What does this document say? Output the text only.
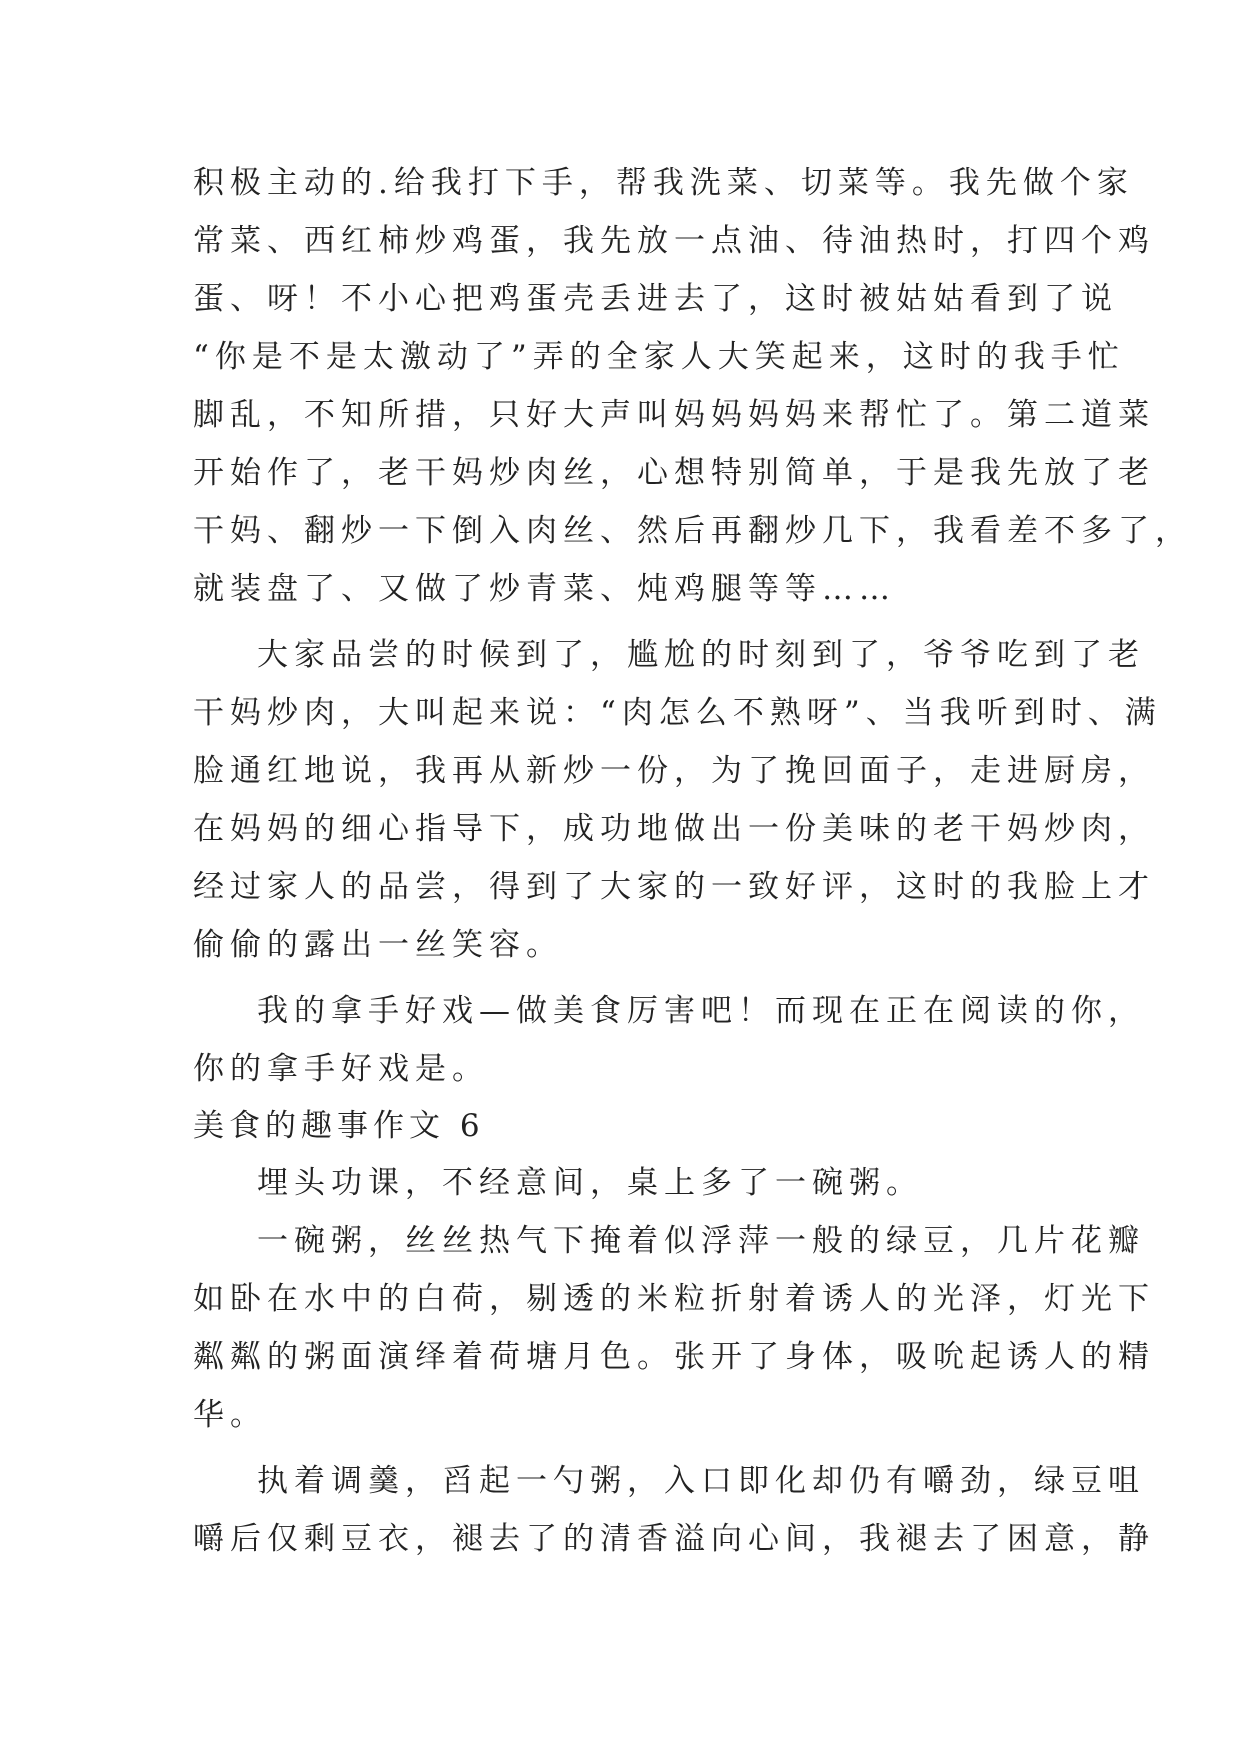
积极主动的.给我打下手，帮我洗菜、切菜等。我先做个家
常菜、西红柿炒鸡蛋，我先放一点油、待油热时，打四个鸡
蛋、呀！不小心把鸡蛋壳丢进去了，这时被姑姑看到了说
“你是不是太激动了”弄的全家人大笑起来，这时的我手忙
脚乱，不知所措，只好大声叫妈妈妈妈来帮忙了。第二道菜
开始作了，老干妈炒肉丝，心想特别简单，于是我先放了老
干妈、翻炒一下倒入肉丝、然后再翻炒几下，我看差不多了，
就装盘了、又做了炒青菜、炖鸡腿等等……
大家品尝的时候到了，尴尬的时刻到了，爷爷吃到了老
干妈炒肉，大叫起来说：“肉怎么不熟呀”、当我听到时、满
脸通红地说，我再从新炒一份，为了挽回面子，走进厨房，
在妈妈的细心指导下，成功地做出一份美味的老干妈炒肉，
经过家人的品尝，得到了大家的一致好评，这时的我脸上才
偷偷的露出一丝笑容。
我的拿手好戏—做美食厉害吧！而现在正在阅读的你，
你的拿手好戏是。
美食的趣事作文 6
埋头功课，不经意间，桌上多了一碗粥。
一碗粥，丝丝热气下掩着似浮萍一般的绿豆，几片花瓣
如卧在水中的白荷，剔透的米粒折射着诱人的光泽，灯光下
粼粼的粥面演绎着荷塘月色。张开了身体，吸吮起诱人的精
华。
执着调羹，舀起一勺粥，入口即化却仍有嚼劲，绿豆咀
嚼后仅剩豆衣，褪去了的清香溢向心间，我褪去了困意，静
